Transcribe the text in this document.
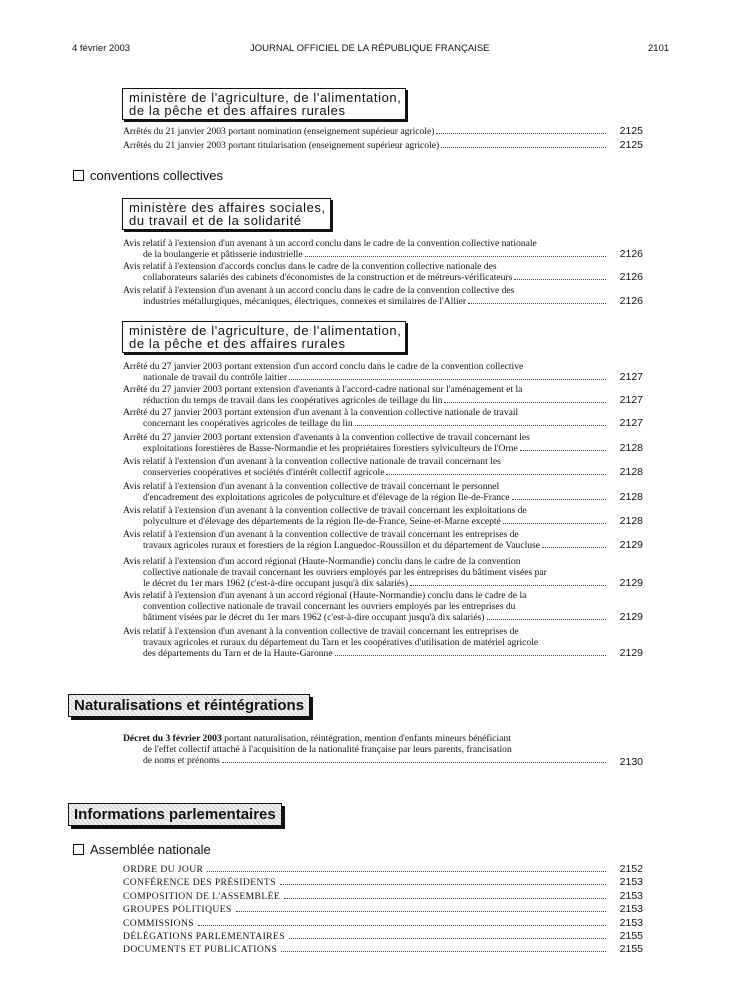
4 février 2003	JOURNAL OFFICIEL DE LA RÉPUBLIQUE FRANÇAISE	2101
ministère de l'agriculture, de l'alimentation,
de la pêche et des affaires rurales
Arrêtés du 21 janvier 2003 portant nomination (enseignement supérieur agricole)	2125
Arrêtés du 21 janvier 2003 portant titularisation (enseignement supérieur agricole)	2125
conventions collectives
ministère des affaires sociales,
du travail et de la solidarité
Avis relatif à l'extension d'un avenant à un accord conclu dans le cadre de la convention collective nationale
de la boulangerie et pâtisserie industrielle	2126
Avis relatif à l'extension d'accords conclus dans le cadre de la convention collective nationale des
collaborateurs salariés des cabinets d'économistes de la construction et de métreurs-vérificateurs	2126
Avis relatif à l'extension d'un avenant à un accord conclu dans le cadre de la convention collective des
industries métallurgiques, mécaniques, électriques, connexes et similaires de l'Allier	2126
ministère de l'agriculture, de l'alimentation,
de la pêche et des affaires rurales
Arrêté du 27 janvier 2003 portant extension d'un accord conclu dans le cadre de la convention collective
nationale de travail du contrôle laitier	2127
Arrêté du 27 janvier 2003 portant extension d'avenants à l'accord-cadre national sur l'aménagement et la
réduction du temps de travail dans les coopératives agricoles de teillage du lin	2127
Arrêté du 27 janvier 2003 portant extension d'un avenant à la convention collective nationale de travail
concernant les coopératives agricoles de teillage du lin	2127
Arrêté du 27 janvier 2003 portant extension d'avenants à la convention collective de travail concernant les
exploitations forestières de Basse-Normandie et les propriétaires forestiers sylviculteurs de l'Orne	2128
Avis relatif à l'extension d'un avenant à la convention collective nationale de travail concernant les
conserveries coopératives et sociétés d'intérêt collectif agricole	2128
Avis relatif à l'extension d'un avenant à la convention collective de travail concernant le personnel
d'encadrement des exploitations agricoles de polyculture et d'élevage de la région Ile-de-France	2128
Avis relatif à l'extension d'un avenant à la convention collective de travail concernant les exploitations de
polyculture et d'élevage des départements de la région Ile-de-France, Seine-et-Marne excepté	2128
Avis relatif à l'extension d'un avenant à la convention collective de travail concernant les entreprises de
travaux agricoles ruraux et forestiers de la région Languedoc-Roussillon et du département de Vaucluse	2129
Avis relatif à l'extension d'un accord régional (Haute-Normandie) conclu dans le cadre de la convention
collective nationale de travail concernant les ouvriers employés par les entreprises du bâtiment visées par
le décret du 1er mars 1962 (c'est-à-dire occupant jusqu'à dix salariés)	2129
Avis relatif à l'extension d'un avenant à un accord régional (Haute-Normandie) conclu dans le cadre de la
convention collective nationale de travail concernant les ouvriers employés par les entreprises du
bâtiment visées par le décret du 1er mars 1962 (c'est-à-dire occupant jusqu'à dix salariés)	2129
Avis relatif à l'extension d'un avenant à la convention collective de travail concernant les entreprises de
travaux agricoles et ruraux du département du Tarn et les coopératives d'utilisation de matériel agricole
des départements du Tarn et de la Haute-Garonne	2129
Naturalisations et réintégrations
Décret du 3 février 2003 portant naturalisation, réintégration, mention d'enfants mineurs bénéficiant
de l'effet collectif attaché à l'acquisition de la nationalité française par leurs parents, francisation
de noms et prénoms	2130
Informations parlementaires
Assemblée nationale
ORDRE DU JOUR	2152
CONFÉRENCE DES PRÉSIDENTS	2153
COMPOSITION DE L'ASSEMBLÉE	2153
GROUPES POLITIQUES	2153
COMMISSIONS	2153
DÉLÉGATIONS PARLEMENTAIRES	2155
DOCUMENTS ET PUBLICATIONS	2155
